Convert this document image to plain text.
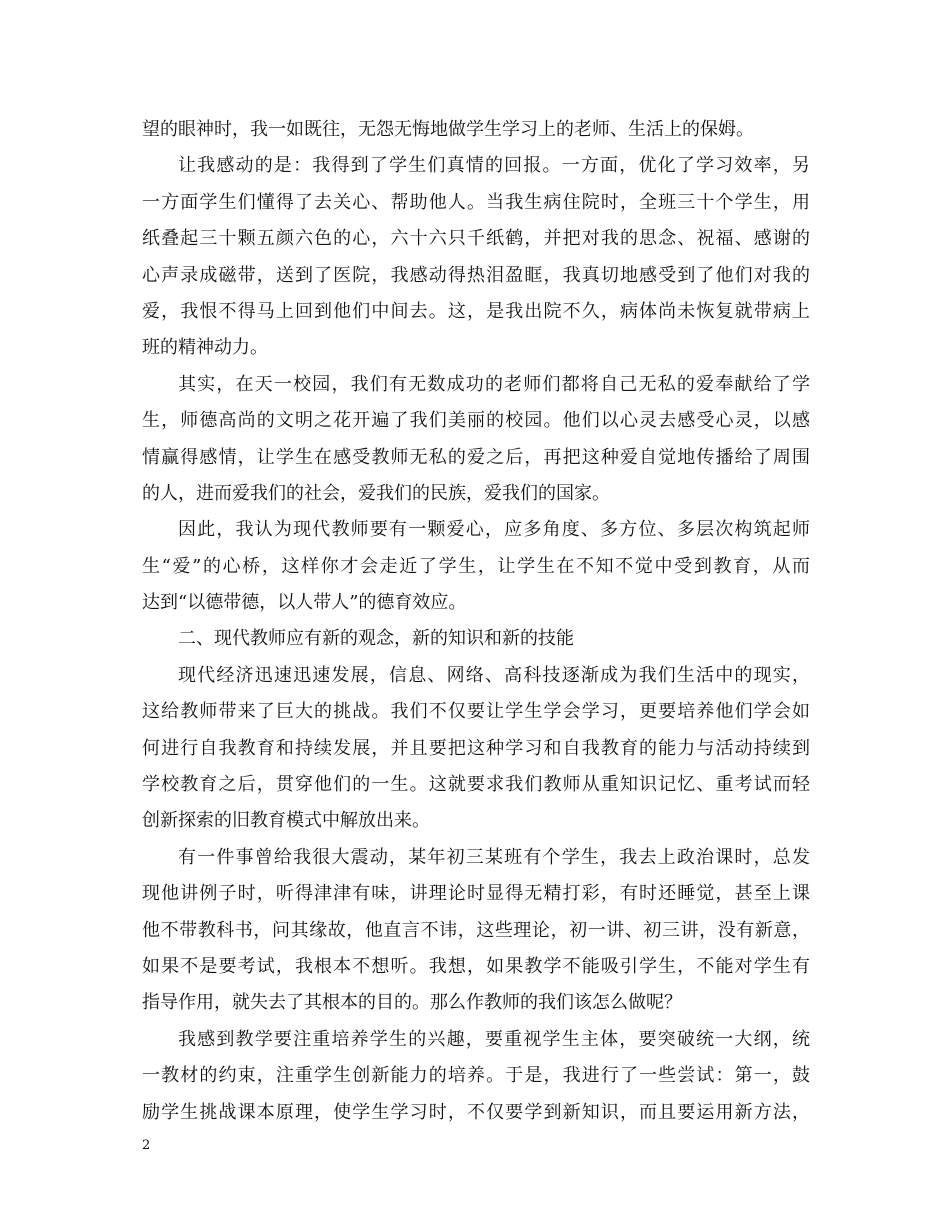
望的眼神时，我一如既往，无怨无悔地做学生学习上的老师、生活上的保姆。
让我感动的是：我得到了学生们真情的回报。一方面，优化了学习效率，另
一方面学生们懂得了去关心、帮助他人。当我生病住院时，全班三十个学生，用
纸叠起三十颗五颜六色的心，六十六只千纸鹤，并把对我的思念、祝福、感谢的
心声录成磁带，送到了医院，我感动得热泪盈眶，我真切地感受到了他们对我的
爱，我恨不得马上回到他们中间去。这，是我出院不久，病体尚未恢复就带病上
班的精神动力。
其实，在天一校园，我们有无数成功的老师们都将自己无私的爱奉献给了学
生，师德高尚的文明之花开遍了我们美丽的校园。他们以心灵去感受心灵，以感
情赢得感情，让学生在感受教师无私的爱之后，再把这种爱自觉地传播给了周围
的人，进而爱我们的社会，爱我们的民族，爱我们的国家。
因此，我认为现代教师要有一颗爱心，应多角度、多方位、多层次构筑起师
生“爱”的心桥，这样你才会走近了学生，让学生在不知不觉中受到教育，从而
达到“以德带德，以人带人”的德育效应。
二、现代教师应有新的观念，新的知识和新的技能
现代经济迅速迅速发展，信息、网络、高科技逐渐成为我们生活中的现实，
这给教师带来了巨大的挑战。我们不仅要让学生学会学习，更要培养他们学会如
何进行自我教育和持续发展，并且要把这种学习和自我教育的能力与活动持续到
学校教育之后，贯穿他们的一生。这就要求我们教师从重知识记忆、重考试而轻
创新探索的旧教育模式中解放出来。
有一件事曾给我很大震动，某年初三某班有个学生，我去上政治课时，总发
现他讲例子时，听得津津有味，讲理论时显得无精打彩，有时还睡觉，甚至上课
他不带教科书，问其缘故，他直言不讳，这些理论，初一讲、初三讲，没有新意，
如果不是要考试，我根本不想听。我想，如果教学不能吸引学生，不能对学生有
指导作用，就失去了其根本的目的。那么作教师的我们该怎么做呢？
我感到教学要注重培养学生的兴趣，要重视学生主体，要突破统一大纲，统
一教材的约束，注重学生创新能力的培养。于是，我进行了一些尝试：第一，鼓
励学生挑战课本原理，使学生学习时，不仅要学到新知识，而且要运用新方法，
2
